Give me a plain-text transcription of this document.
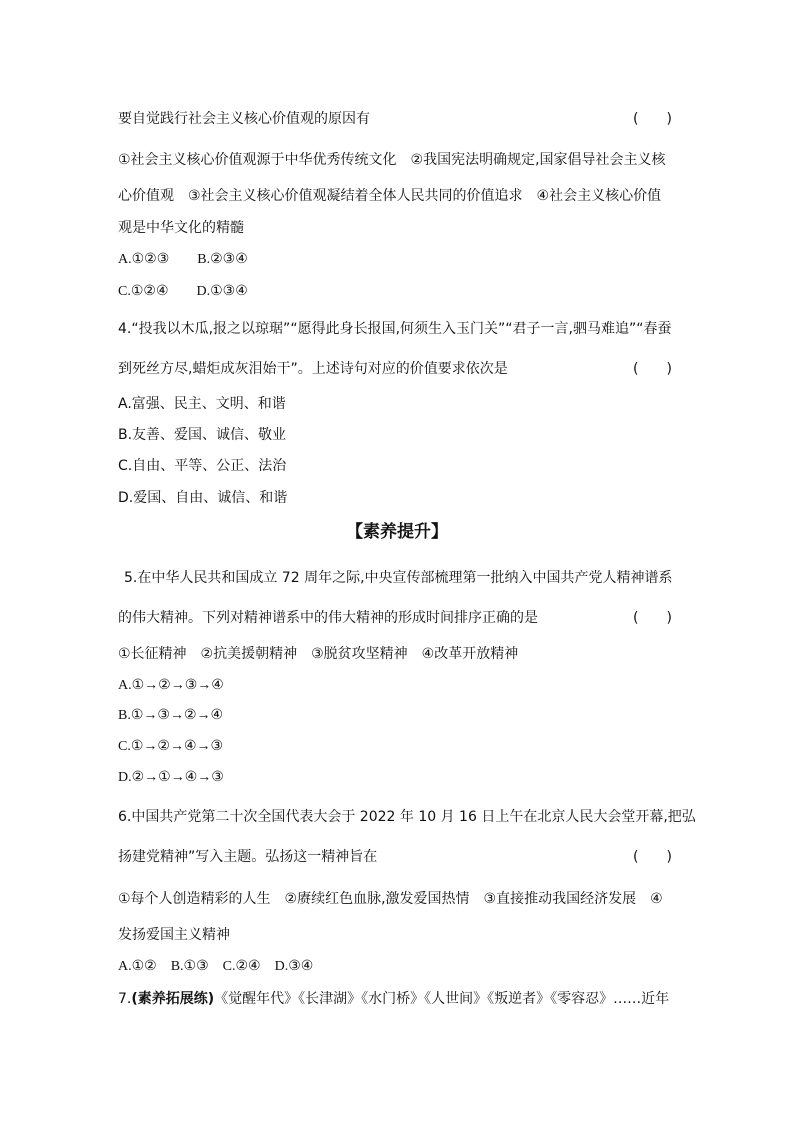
要自觉践行社会主义核心价值观的原因有	(　　)
①社会主义核心价值观源于中华优秀传统文化　②我国宪法明确规定,国家倡导社会主义核
心价值观　③社会主义核心价值观凝结着全体人民共同的价值追求　④社会主义核心价值
观是中华文化的精髓
A.①②③　　B.②③④
C.①②④　　D.①③④
4.“投我以木瓜,报之以琼琚”“愿得此身长报国,何须生入玉门关”“君子一言,驷马难追”“春蚕
到死丝方尽,蜡炬成灰泪始干”。上述诗句对应的价值要求依次是	(　　)
A.富强、民主、文明、和谐
B.友善、爱国、诚信、敬业
C.自由、平等、公正、法治
D.爱国、自由、诚信、和谐
【素养提升】
5.在中华人民共和国成立 72 周年之际,中央宣传部梳理第一批纳入中国共产党人精神谱系
的伟大精神。下列对精神谱系中的伟大精神的形成时间排序正确的是	(　　)
①长征精神　②抗美援朝精神　③脱贫攻坚精神　④改革开放精神
A.①→②→③→④
B.①→③→②→④
C.①→②→④→③
D.②→①→④→③
6.中国共产党第二十次全国代表大会于 2022 年 10 月 16 日上午在北京人民大会堂开幕,把弘
扬建党精神”写入主题。弘扬这一精神旨在	(　　)
①每个人创造精彩的人生　②赓续红色血脉,激发爱国热情　③直接推动我国经济发展　④
发扬爱国主义精神
A.①②　B.①③　C.②④　D.③④
7.(素养拓展练)《觉醒年代》《长津湖》《水门桥》《人世间》《叛逆者》《零容忍》……近年
